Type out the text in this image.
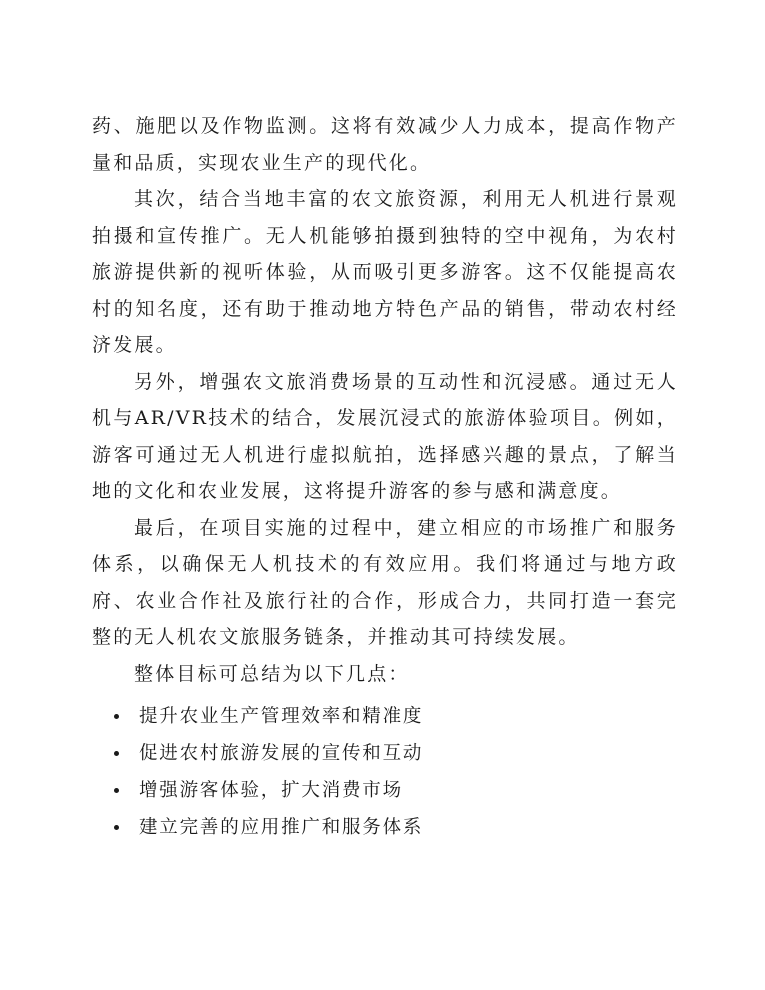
药、施肥以及作物监测。这将有效减少人力成本，提高作物产量和品质，实现农业生产的现代化。

其次，结合当地丰富的农文旅资源，利用无人机进行景观拍摄和宣传推广。无人机能够拍摄到独特的空中视角，为农村旅游提供新的视听体验，从而吸引更多游客。这不仅能提高农村的知名度，还有助于推动地方特色产品的销售，带动农村经济发展。

另外，增强农文旅消费场景的互动性和沉浸感。通过无人机与AR/VR技术的结合，发展沉浸式的旅游体验项目。例如，游客可通过无人机进行虚拟航拍，选择感兴趣的景点，了解当地的文化和农业发展，这将提升游客的参与感和满意度。

最后，在项目实施的过程中，建立相应的市场推广和服务体系，以确保无人机技术的有效应用。我们将通过与地方政府、农业合作社及旅行社的合作，形成合力，共同打造一套完整的无人机农文旅服务链条，并推动其可持续发展。

整体目标可总结为以下几点：

提升农业生产管理效率和精准度
促进农村旅游发展的宣传和互动
增强游客体验，扩大消费市场
建立完善的应用推广和服务体系
